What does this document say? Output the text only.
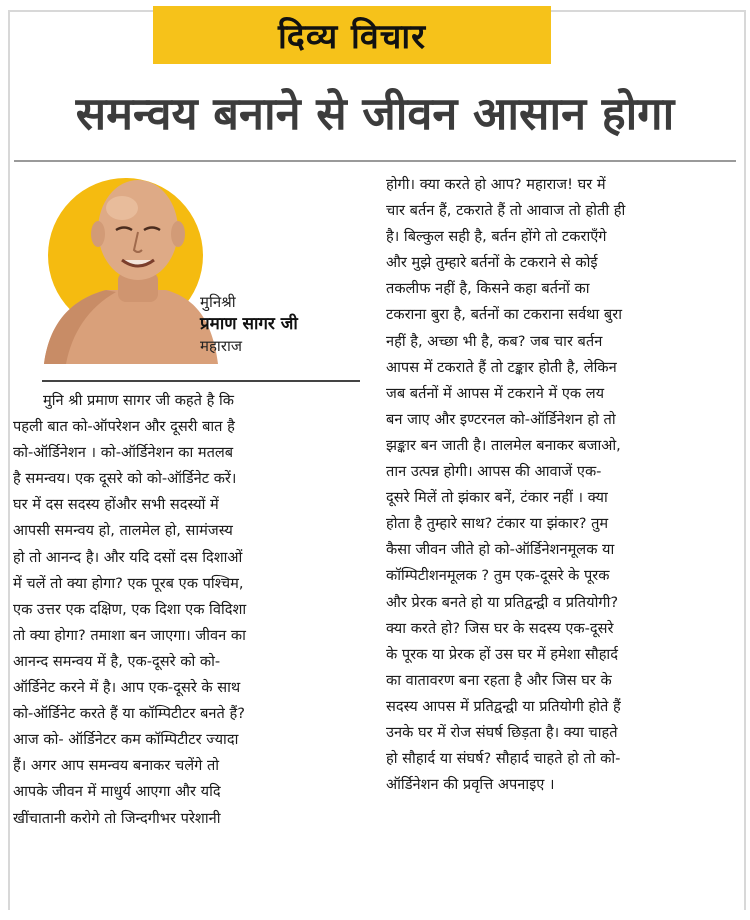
दिव्य विचार
समन्वय बनाने से जीवन आसान होगा
मुनिश्री
प्रमाण सागर जी
महाराज
मुनि श्री प्रमाण सागर जी कहते है कि
पहली बात को-ऑपरेशन और दूसरी बात है
को-ऑर्डिनेशन । को-ऑर्डिनेशन का मतलब
है समन्वय। एक दूसरे को को-ऑर्डिनेट करें।
घर में दस सदस्य होंऔर सभी सदस्यों में
आपसी समन्वय हो, तालमेल हो, सामंजस्य
हो तो आनन्द है। और यदि दसों दस दिशाओं
में चलें तो क्या होगा? एक पूरब एक पश्चिम,
एक उत्तर एक दक्षिण, एक दिशा एक विदिशा
तो क्या होगा? तमाशा बन जाएगा। जीवन का
आनन्द समन्वय में है, एक-दूसरे को को-
ऑर्डिनेट करने में है। आप एक-दूसरे के साथ
को-ऑर्डिनेट करते हैं या कॉम्पिटीटर बनते हैं?
आज को- ऑर्डिनेटर कम कॉम्पिटीटर ज्यादा
हैं। अगर आप समन्वय बनाकर चलेंगे तो
आपके जीवन में माधुर्य आएगा और यदि
खींचातानी करोगे तो जिन्दगीभर परेशानी
होगी। क्या करते हो आप? महाराज! घर में
चार बर्तन हैं, टकराते हैं तो आवाज तो होती ही
है। बिल्कुल सही है, बर्तन होंगे तो टकराएँगे
और मुझे तुम्हारे बर्तनों के टकराने से कोई
तकलीफ नहीं है, किसने कहा बर्तनों का
टकराना बुरा है, बर्तनों का टकराना सर्वथा बुरा
नहीं है, अच्छा भी है, कब? जब चार बर्तन
आपस में टकराते हैं तो टङ्कार होती है, लेकिन
जब बर्तनों में आपस में टकराने में एक लय
बन जाए और इण्टरनल को-ऑर्डिनेशन हो तो
झङ्कार बन जाती है। तालमेल बनाकर बजाओ,
तान उत्पन्न होगी। आपस की आवाजें एक-
दूसरे मिलें तो झंकार बनें, टंकार नहीं । क्या
होता है तुम्हारे साथ? टंकार या झंकार? तुम
कैसा जीवन जीते हो को-ऑर्डिनेशनमूलक या
कॉम्पिटीशनमूलक ? तुम एक-दूसरे के पूरक
और प्रेरक बनते हो या प्रतिद्वन्द्वी व प्रतियोगी?
क्या करते हो? जिस घर के सदस्य एक-दूसरे
के पूरक या प्रेरक हों उस घर में हमेशा सौहार्द
का वातावरण बना रहता है और जिस घर के
सदस्य आपस में प्रतिद्वन्द्वी या प्रतियोगी होते हैं
उनके घर में रोज संघर्ष छिड़ता है। क्या चाहते
हो सौहार्द या संघर्ष? सौहार्द चाहते हो तो को-
ऑर्डिनेशन की प्रवृत्ति अपनाइए ।
